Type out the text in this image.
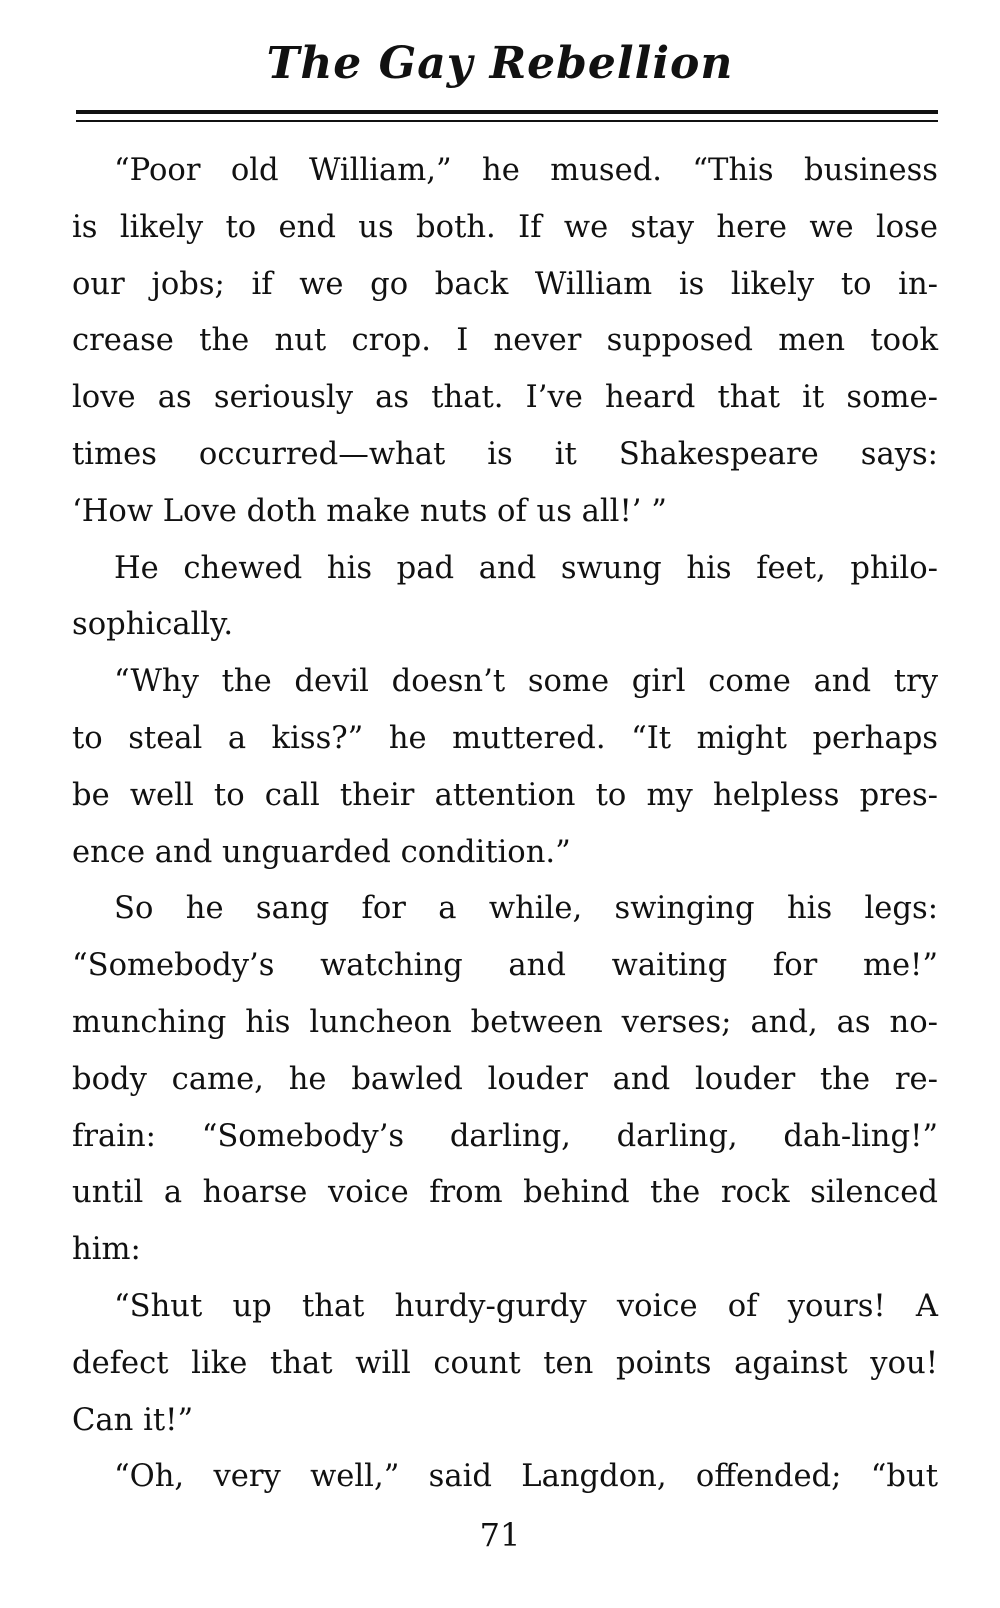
The Gay Rebellion
“Poor old William,” he mused. “This business
is likely to end us both. If we stay here we lose
our jobs; if we go back William is likely to in-
crease the nut crop. I never supposed men took
love as seriously as that. I’ve heard that it some-
times occurred—what is it Shakespeare says:
‘How Love doth make nuts of us all!’ ”
He chewed his pad and swung his feet, philo-
sophically.
“Why the devil doesn’t some girl come and try
to steal a kiss?” he muttered. “It might perhaps
be well to call their attention to my helpless pres-
ence and unguarded condition.”
So he sang for a while, swinging his legs:
“Somebody’s watching and waiting for me!”
munching his luncheon between verses; and, as no-
body came, he bawled louder and louder the re-
frain: “Somebody’s darling, darling, dah-ling!”
until a hoarse voice from behind the rock silenced
him:
“Shut up that hurdy-gurdy voice of yours! A
defect like that will count ten points against you!
Can it!”
“Oh, very well,” said Langdon, offended; “but

71
